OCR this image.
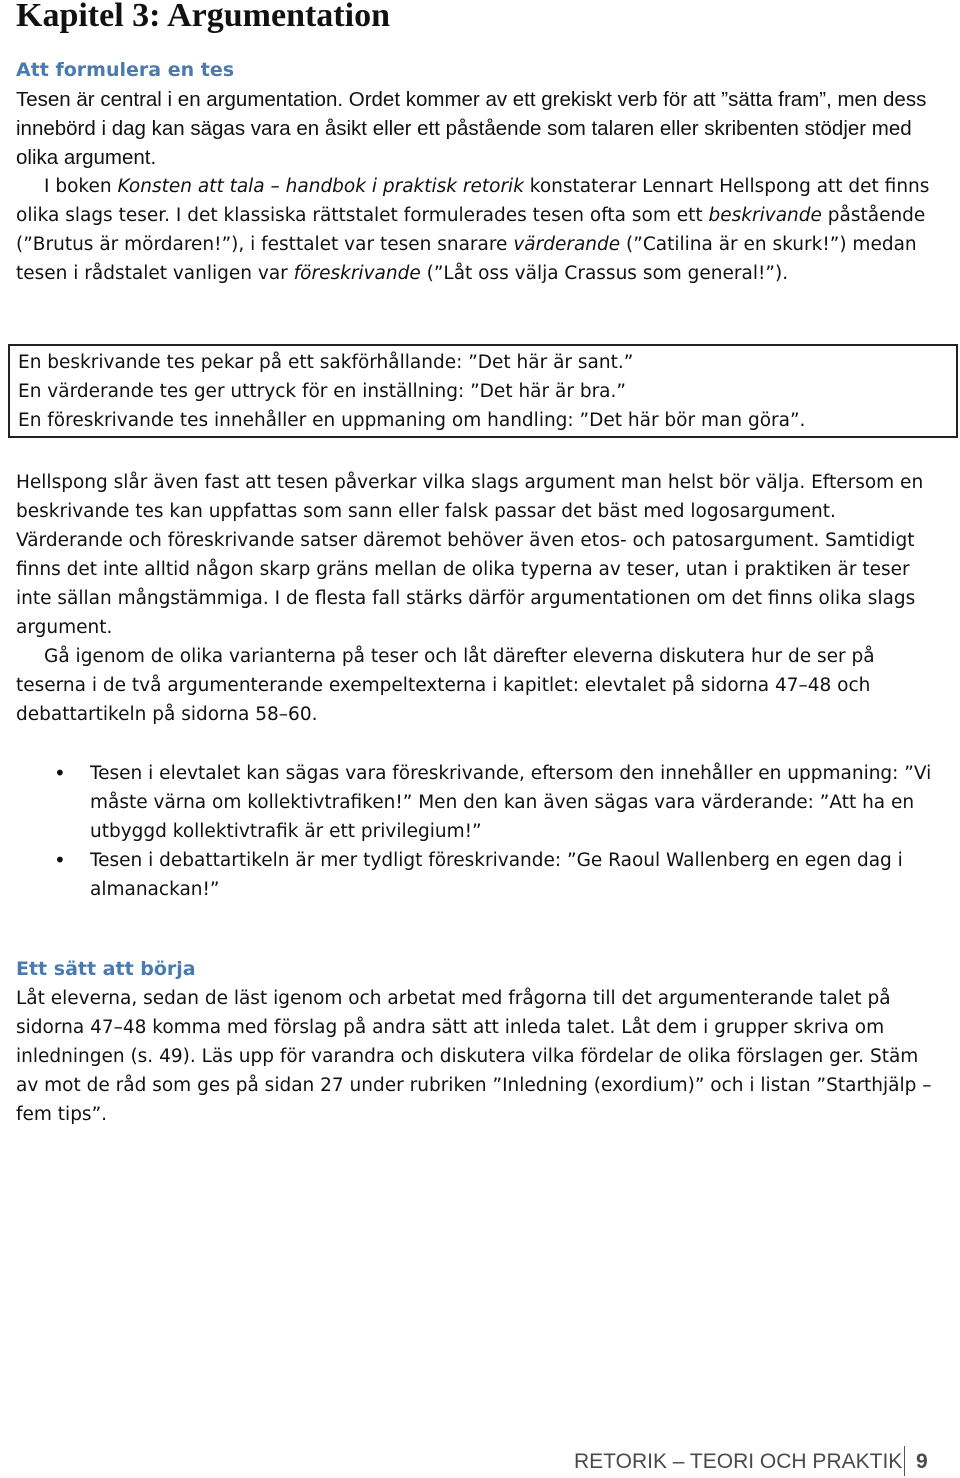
Kapitel 3: Argumentation
Att formulera en tes

Tesen är central i en argumentation. Ordet kommer av ett grekiskt verb för att ”sätta fram”, men dess innebörd i dag kan sägas vara en åsikt eller ett påstående som talaren eller skribenten stödjer med olika argument.

I boken Konsten att tala – handbok i praktisk retorik konstaterar Lennart Hellspong att det finns olika slags teser. I det klassiska rättstalet formulerades tesen ofta som ett beskrivande påstående (”Brutus är mördaren!”), i festtalet var tesen snarare värderande (”Catilina är en skurk!”) medan tesen i rådstalet vanligen var föreskrivande (”Låt oss välja Crassus som general!”).

En beskrivande tes pekar på ett sakförhållande: ”Det här är sant.”
En värderande tes ger uttryck för en inställning: ”Det här är bra.”
En föreskrivande tes innehåller en uppmaning om handling: ”Det här bör man göra”.

Hellspong slår även fast att tesen påverkar vilka slags argument man helst bör välja. Eftersom en beskrivande tes kan uppfattas som sann eller falsk passar det bäst med logosargument. Värderande och föreskrivande satser däremot behöver även etos- och patosargument. Samtidigt finns det inte alltid någon skarp gräns mellan de olika typerna av teser, utan i praktiken är teser inte sällan mångstämmiga. I de flesta fall stärks därför argumentationen om det finns olika slags argument.

Gå igenom de olika varianterna på teser och låt därefter eleverna diskutera hur de ser på teserna i de två argumenterande exempeltexterna i kapitlet: elevtalet på sidorna 47–48 och debattartikeln på sidorna 58–60.

• Tesen i elevtalet kan sägas vara föreskrivande, eftersom den innehåller en uppmaning: ”Vi måste värna om kollektivtrafiken!” Men den kan även sägas vara värderande: ”Att ha en utbyggd kollektivtrafik är ett privilegium!”
• Tesen i debattartikeln är mer tydligt föreskrivande: ”Ge Raoul Wallenberg en egen dag i almanackan!”
Ett sätt att börja

Låt eleverna, sedan de läst igenom och arbetat med frågorna till det argumenterande talet på sidorna 47–48 komma med förslag på andra sätt att inleda talet. Låt dem i grupper skriva om inledningen (s. 49). Läs upp för varandra och diskutera vilka fördelar de olika förslagen ger. Stäm av mot de råd som ges på sidan 27 under rubriken ”Inledning (exordium)” och i listan ”Starthjälp – fem tips”.

RETORIK – TEORI OCH PRAKTIK 9
